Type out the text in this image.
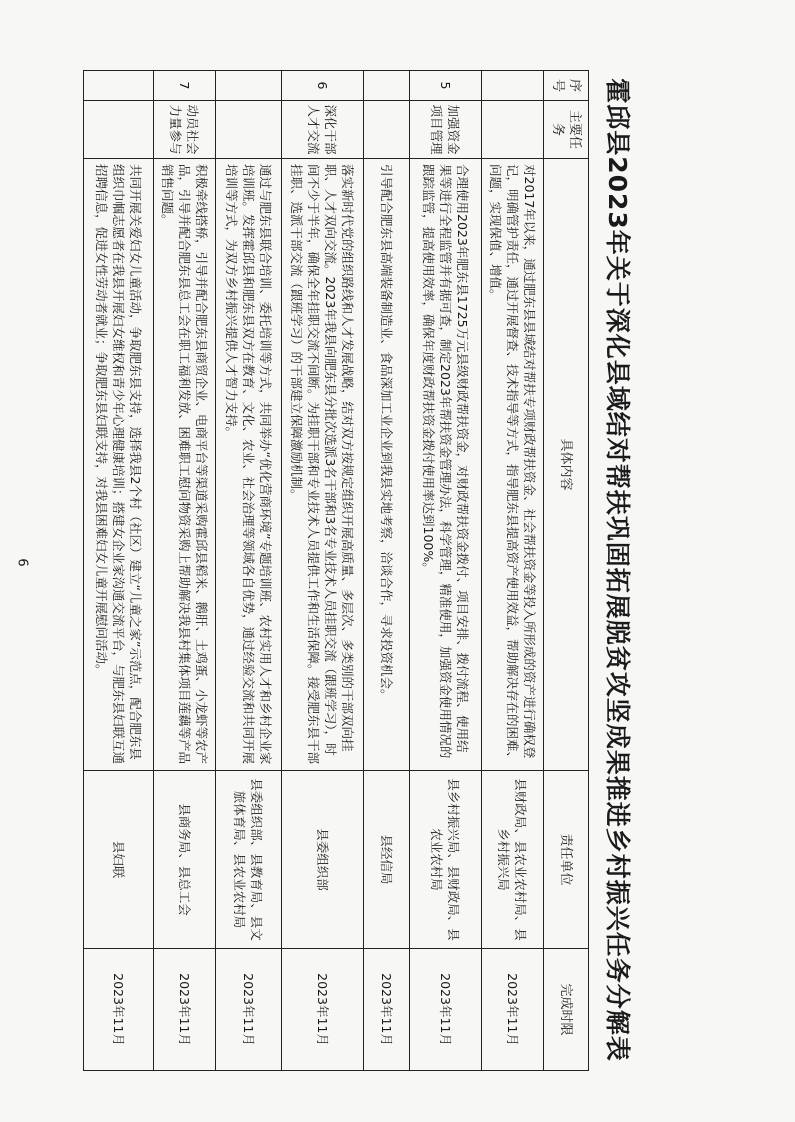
6	霍邱县2023年关于深化县域结对帮扶巩固拓展脱贫攻坚成果推进乡村振兴任务分解表
序号	主要任务	具体内容	责任单位	完成时限
		对2017年以来，通过肥东县县域结对帮扶专项财政帮扶资金、社会帮扶资金等投入所形成的资产进行确权登记，明确管护责任，通过开展督查、技术指导等方式，指导肥东县提高资产使用效益，帮助解决存在的困难、问题，实现保值、增值。	县财政局、县农业农村局、县乡村振兴局	2023年11月
5	加强资金项目管理	合理使用2023年肥东县1725万元县级财政帮扶资金，对财政帮扶资金拨付、项目安排、拨付流程、使用结果等进行全程监管并有据可查，制定2023年帮扶资金管理办法，科学管理，精准使用，加强资金使用情况的跟踪监管，提高使用效率，确保年度财政帮扶资金拨付使用率达到100%。	县乡村振兴局、县财政局、县农业农村局	2023年11月
		引导配合肥东县高端装备制造业、食品深加工业企业到我县实地考察，洽谈合作，寻求投资机会。	县经信局	2023年11月
6	深化干部人才交流	落实新时代党的组织路线和人才发展战略，结对双方按规定组织开展高质量、多层次、多类别的干部双向挂职、人才双向交流。2023年我县向肥东县分批次选派3名干部和3名专业技术人员挂职交流（跟班学习），时间不少于半年，确保全年挂职交流不间断。为挂职干部和专业技术人员提供工作和生活保障。接受肥东县干部挂职、选派干部交流（跟班学习）的干部建立保障激励机制。	县委组织部	2023年11月
		通过与肥东县联合培训、委托培训等方式，共同举办“优化营商环境”专题培训班、农村实用人才和乡村企业家培训班。发挥霍邱县和肥东县双方在教育、文化、农业、社会治理等领域各自优势，通过经验交流和共同开展培训等方式，为双方乡村振兴提供人才智力支持。	县委组织部、县教育局、县文旅体育局、县农业农村局	2023年11月
7	动员社会力量参与	积极牵线搭桥，引导并配合肥东县商贸企业、电商平台等渠道采购霍邱县稻米、鹅肝、土鸡蛋、小龙虾等农产品，引导并配合肥东县总工会在职工福利发放、困难职工慰问物资采购上帮助解决我县村集体项目莲藕等产品销售问题。	县商务局、县总工会	2023年11月
		共同开展关爱妇女儿童活动，争取肥东县支持，选择我县2个村（社区）建立“儿童之家”示范点，配合肥东县组织巾帼志愿者在我县开展妇女维权和青少年心理健康培训；搭建女企业家沟通交流平台，与肥东县妇联互通招聘信息，促进女性劳动者就业；争取肥东县妇联支持，对我县困难妇女儿童开展慰问活动。	县妇联	2023年11月
